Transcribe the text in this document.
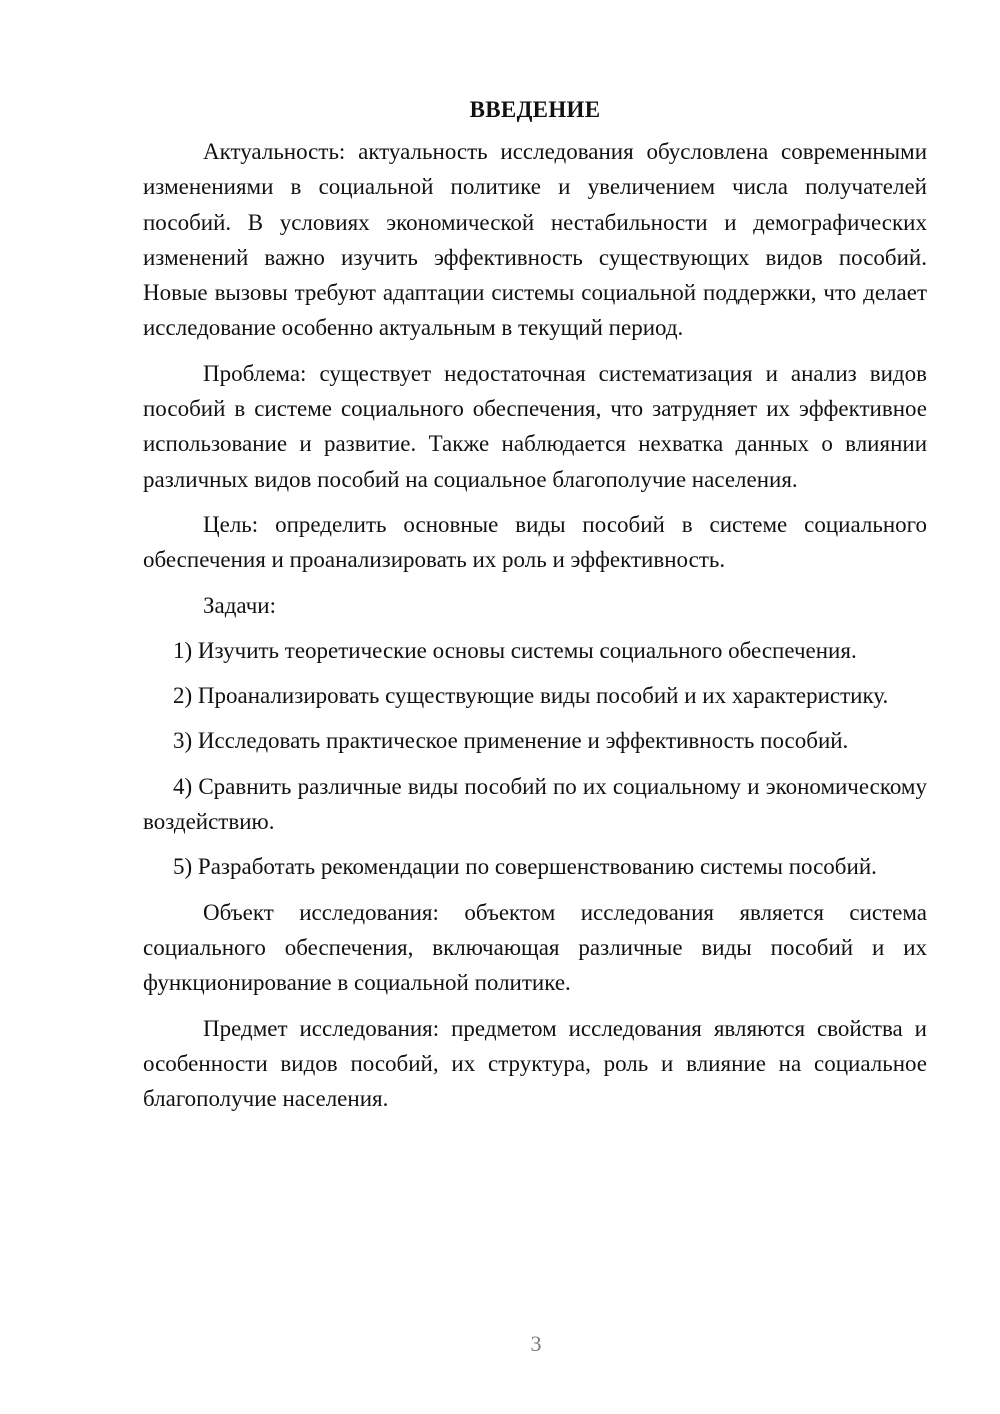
ВВЕДЕНИЕ

Актуальность: актуальность исследования обусловлена современными изменениями в социальной политике и увеличением числа получателей пособий. В условиях экономической нестабильности и демографических изменений важно изучить эффективность существующих видов пособий. Новые вызовы требуют адаптации системы социальной поддержки, что делает исследование особенно актуальным в текущий период.

Проблема: существует недостаточная систематизация и анализ видов пособий в системе социального обеспечения, что затрудняет их эффективное использование и развитие. Также наблюдается нехватка данных о влиянии различных видов пособий на социальное благополучие населения.

Цель: определить основные виды пособий в системе социального обеспечения и проанализировать их роль и эффективность.

Задачи:

1) Изучить теоретические основы системы социального обеспечения.

2) Проанализировать существующие виды пособий и их характеристику.

3) Исследовать практическое применение и эффективность пособий.

4) Сравнить различные виды пособий по их социальному и экономическому воздействию.

5) Разработать рекомендации по совершенствованию системы пособий.

Объект исследования: объектом исследования является система социального обеспечения, включающая различные виды пособий и их функционирование в социальной политике.

Предмет исследования: предметом исследования являются свойства и особенности видов пособий, их структура, роль и влияние на социальное благополучие населения.

3
